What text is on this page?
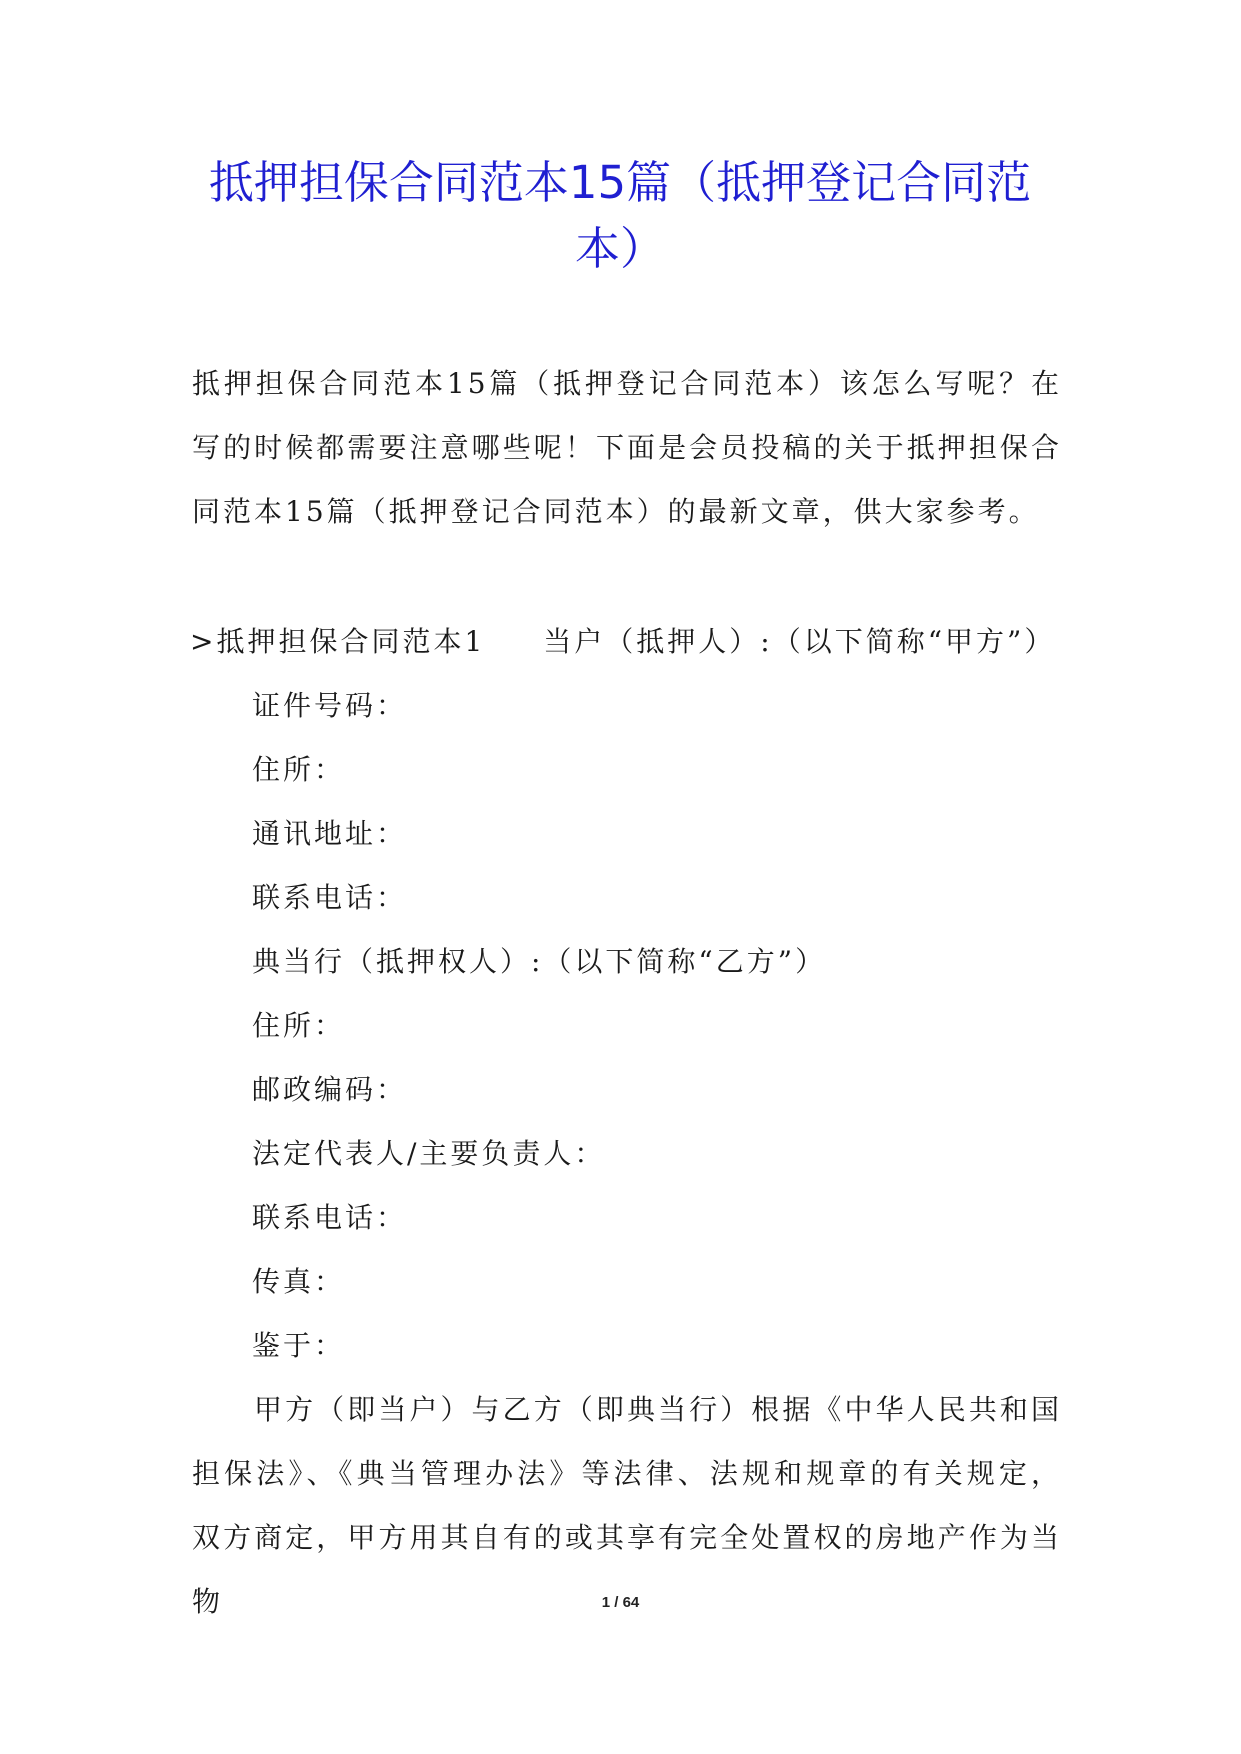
抵押担保合同范本15篇（抵押登记合同范本）

抵押担保合同范本15篇（抵押登记合同范本）该怎么写呢？在写的时候都需要注意哪些呢！下面是会员投稿的关于抵押担保合同范本15篇（抵押登记合同范本）的最新文章，供大家参考。

>抵押担保合同范本1 当户（抵押人）:（以下简称“甲方”）
证件号码：
住所：
通讯地址：
联系电话：
典当行（抵押权人）:（以下简称“乙方”）
住所：
邮政编码：
法定代表人/主要负责人：
联系电话：
传真：
鉴于：

甲方（即当户）与乙方（即典当行）根据《中华人民共和国担保法》、《典当管理办法》等法律、法规和规章的有关规定，双方商定，甲方用其自有的或其享有完全处置权的房地产作为当物	1 / 64
